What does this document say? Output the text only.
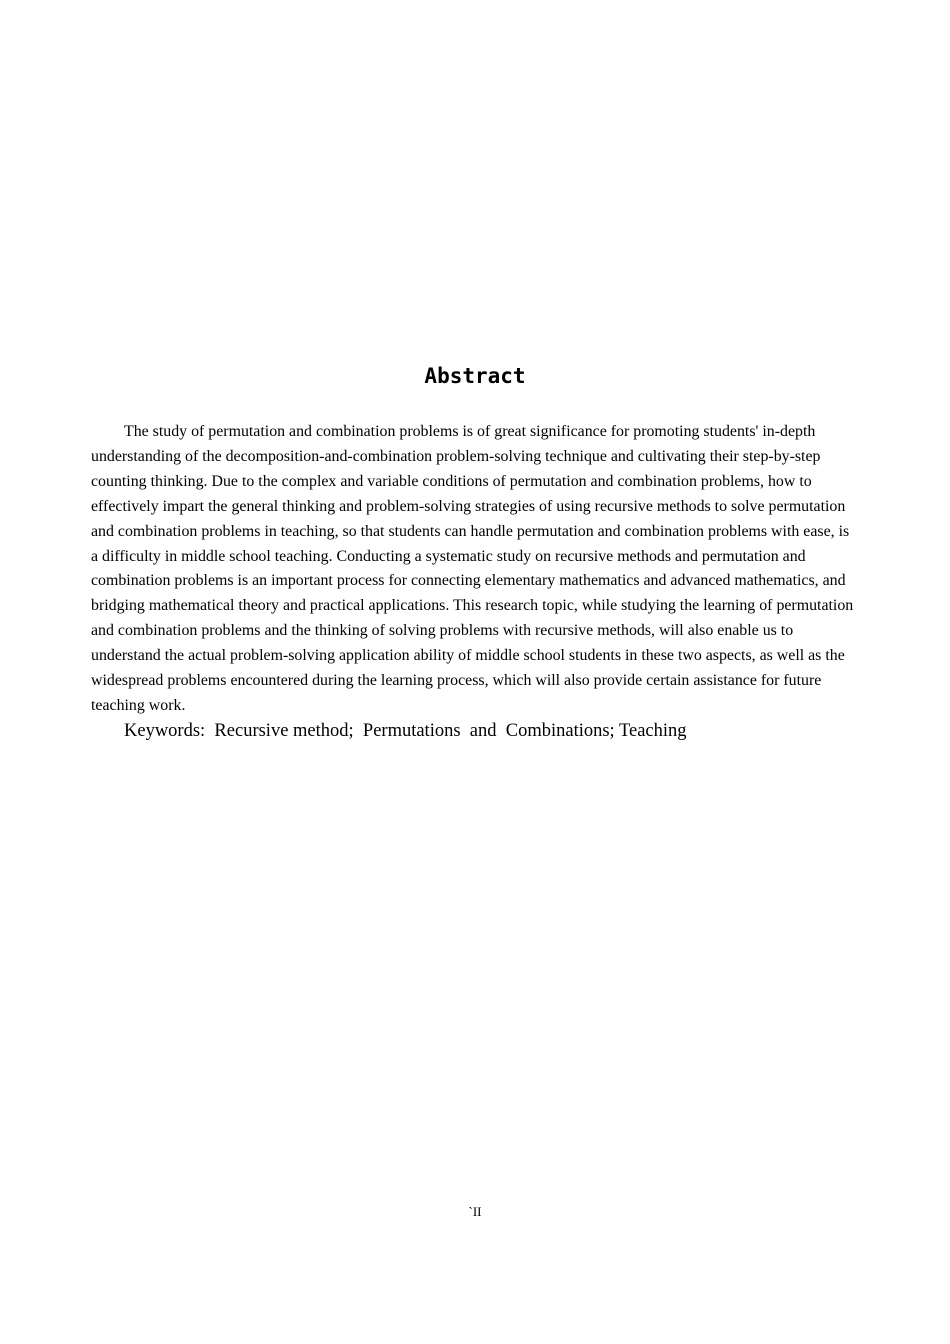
Abstract

The study of permutation and combination problems is of great significance for promoting students' in-depth understanding of the decomposition-and-combination problem-solving technique and cultivating their step-by-step counting thinking. Due to the complex and variable conditions of permutation and combination problems, how to effectively impart the general thinking and problem-solving strategies of using recursive methods to solve permutation and combination problems in teaching, so that students can handle permutation and combination problems with ease, is a difficulty in middle school teaching. Conducting a systematic study on recursive methods and permutation and combination problems is an important process for connecting elementary mathematics and advanced mathematics, and bridging mathematical theory and practical applications. This research topic, while studying the learning of permutation and combination problems and the thinking of solving problems with recursive methods, will also enable us to understand the actual problem-solving application ability of middle school students in these two aspects, as well as the widespread problems encountered during the learning process, which will also provide certain assistance for future teaching work.

Keywords:  Recursive method;  Permutations  and  Combinations; Teaching

`II
